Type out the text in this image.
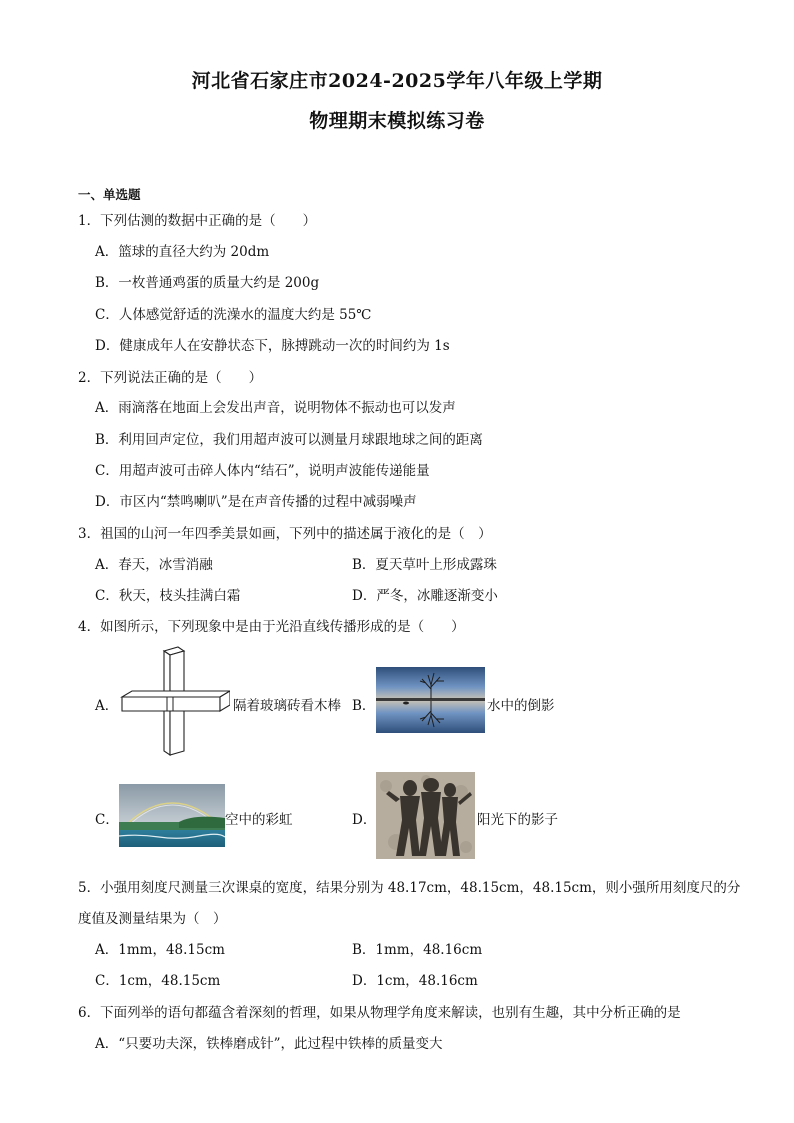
河北省石家庄市2024-2025学年八年级上学期
物理期末模拟练习卷
一、单选题
1．下列估测的数据中正确的是（　　）
A．篮球的直径大约为 20dm
B．一枚普通鸡蛋的质量大约是 200g
C．人体感觉舒适的洗澡水的温度大约是 55℃
D．健康成年人在安静状态下，脉搏跳动一次的时间约为 1s
2．下列说法正确的是（　　）
A．雨滴落在地面上会发出声音，说明物体不振动也可以发声
B．利用回声定位，我们用超声波可以测量月球跟地球之间的距离
C．用超声波可击碎人体内“结石”，说明声波能传递能量
D．市区内“禁鸣喇叭”是在声音传播的过程中减弱噪声
3．祖国的山河一年四季美景如画，下列中的描述属于液化的是（　）
A．春天，冰雪消融	B．夏天草叶上形成露珠
C．秋天，枝头挂满白霜	D．严冬，冰雕逐渐变小
4．如图所示，下列现象中是由于光沿直线传播形成的是（　　）
A．	隔着玻璃砖看木棒 B．	水中的倒影
C．	空中的彩虹	D．	阳光下的影子
5．小强用刻度尺测量三次课桌的宽度，结果分别为 48.17cm，48.15cm，48.15cm，则小强所用刻度尺的分
度值及测量结果为（　）
A．1mm，48.15cm	B．1mm，48.16cm
C．1cm，48.15cm	D．1cm，48.16cm
6．下面列举的语句都蕴含着深刻的哲理，如果从物理学角度来解读，也别有生趣，其中分析正确的是
A．“只要功夫深，铁棒磨成针”，此过程中铁棒的质量变大
